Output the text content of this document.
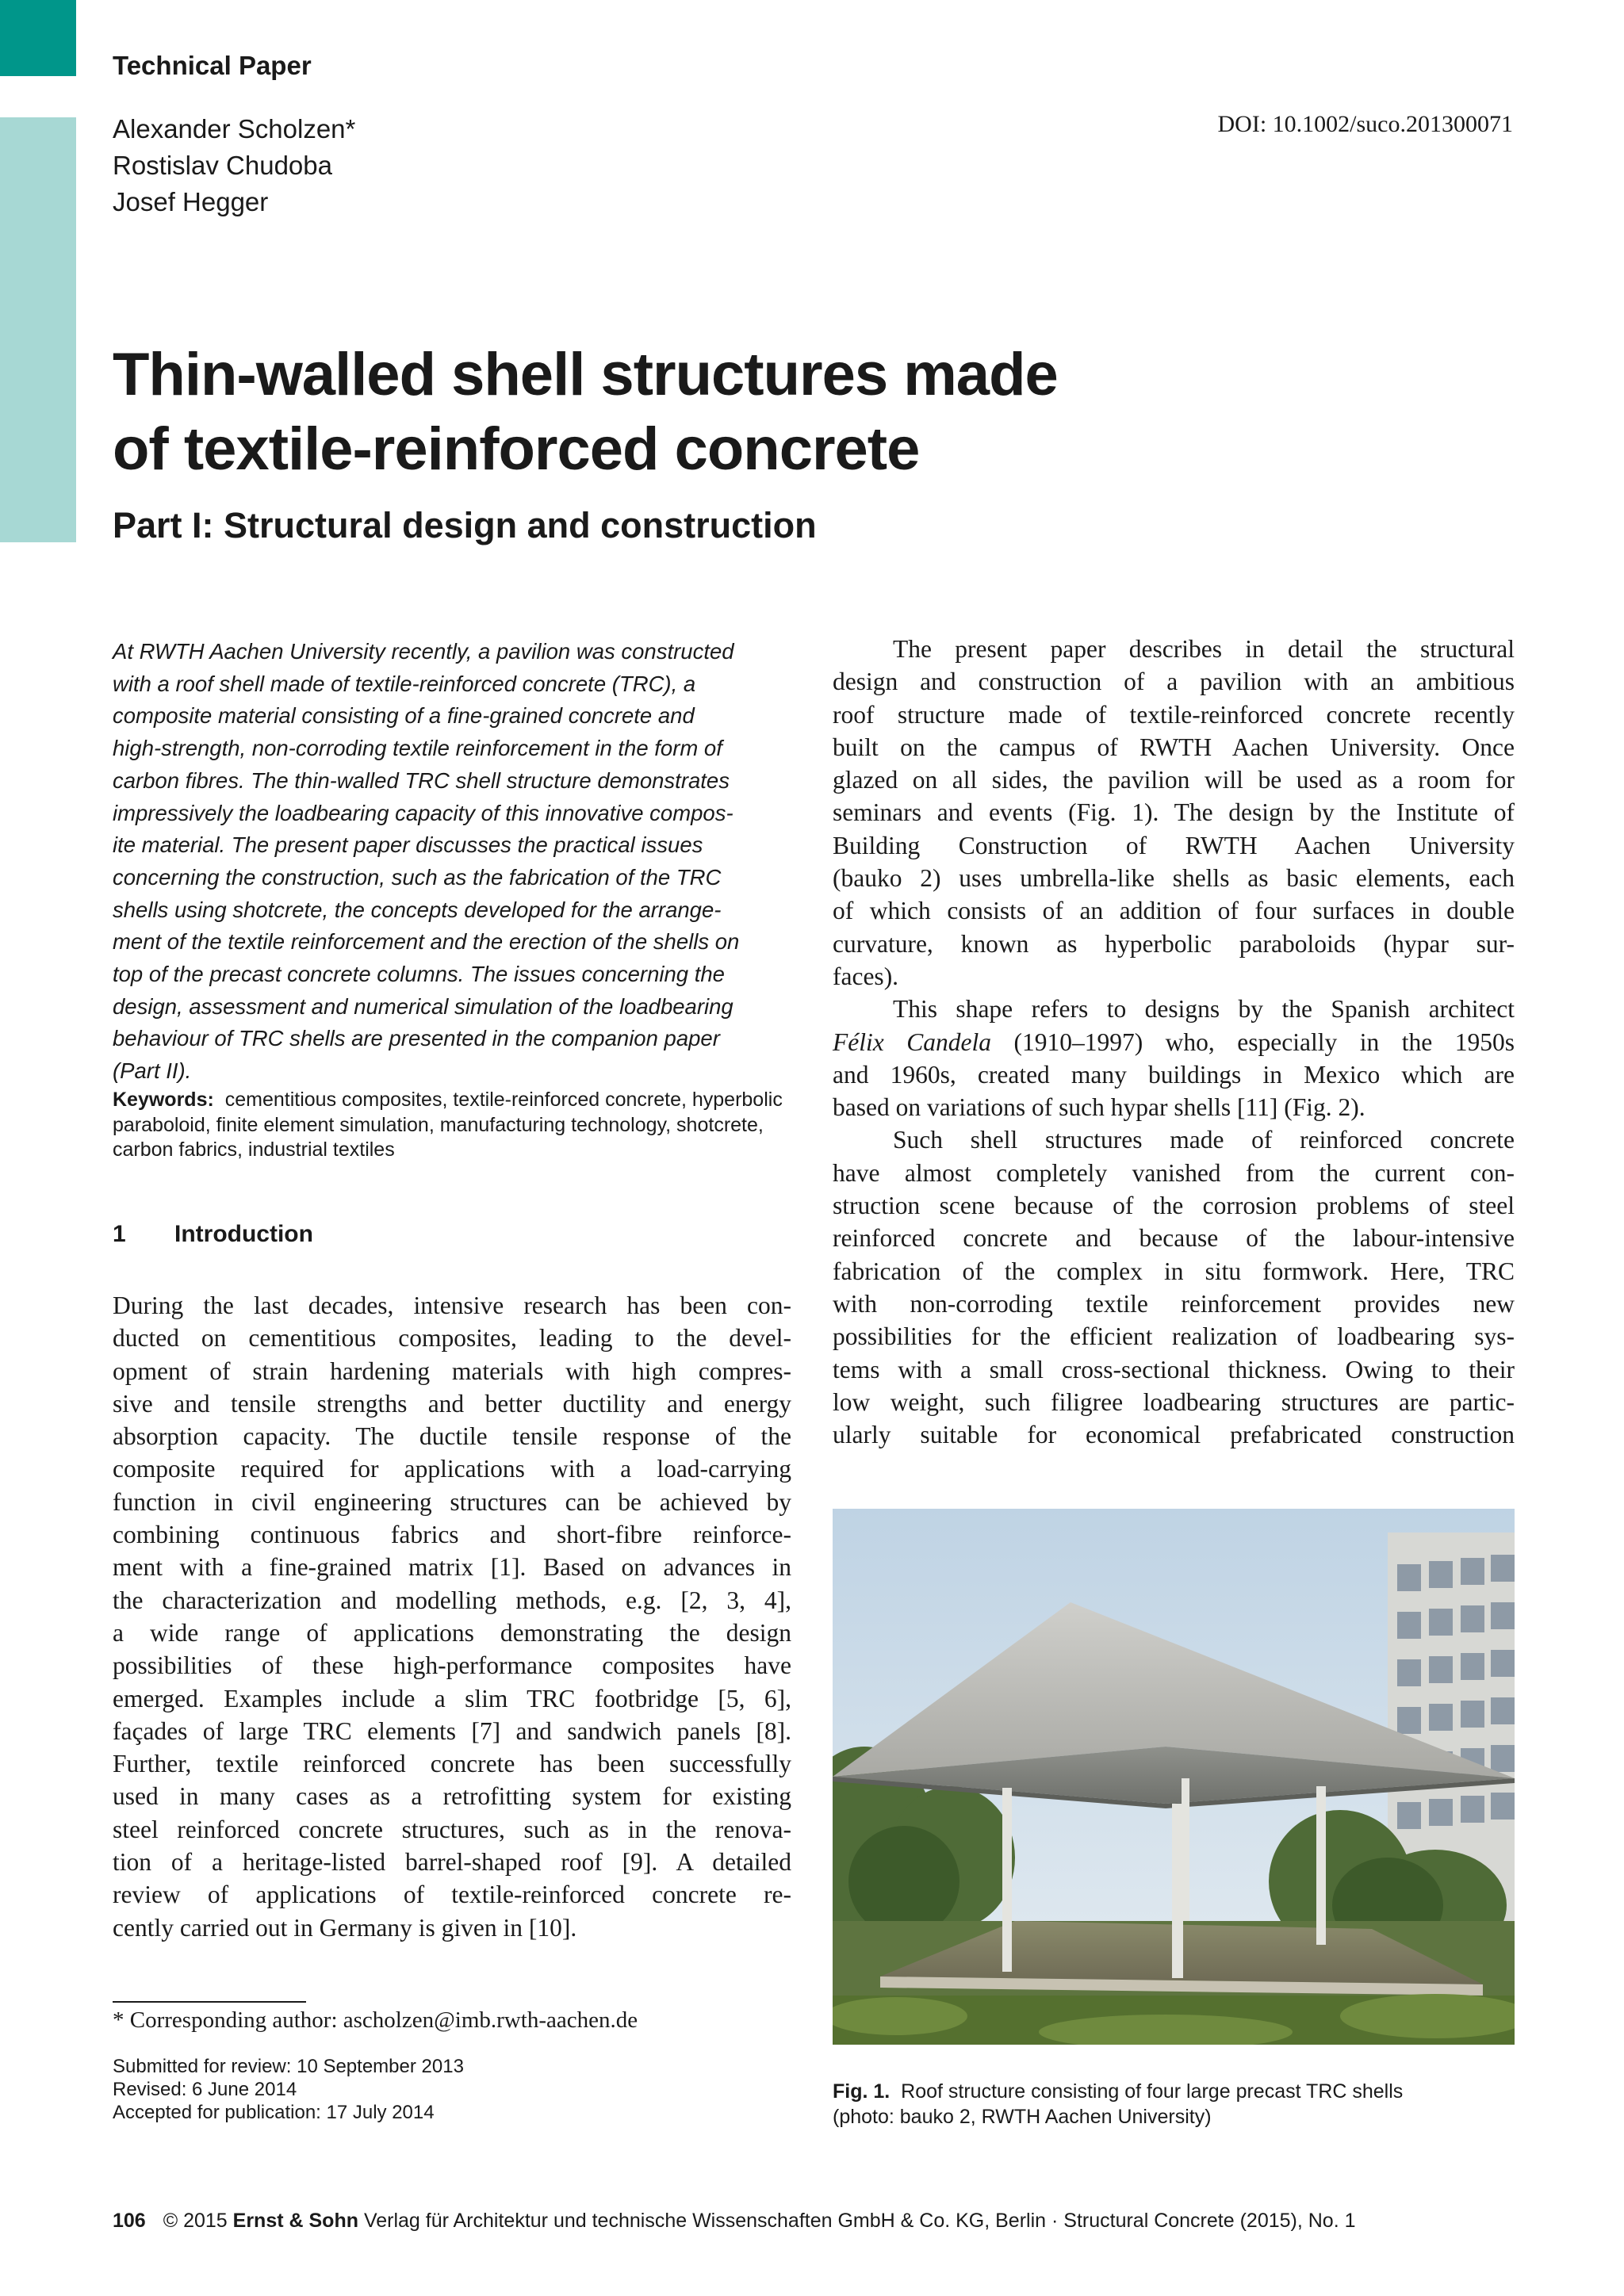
Technical Paper
Alexander Scholzen*
Rostislav Chudoba
Josef Hegger
DOI: 10.1002/suco.201300071
Thin-walled shell structures made
of textile-reinforced concrete
Part I: Structural design and construction
At RWTH Aachen University recently, a pavilion was constructed
with a roof shell made of textile-reinforced concrete (TRC), a
composite material consisting of a fine-grained concrete and
high-strength, non-corroding textile reinforcement in the form of
carbon fibres. The thin-walled TRC shell structure demonstrates
impressively the loadbearing capacity of this innovative compos-
ite material. The present paper discusses the practical issues
concerning the construction, such as the fabrication of the TRC
shells using shotcrete, the concepts developed for the arrange-
ment of the textile reinforcement and the erection of the shells on
top of the precast concrete columns. The issues concerning the
design, assessment and numerical simulation of the loadbearing
behaviour of TRC shells are presented in the companion paper
(Part II).
Keywords: cementitious composites, textile-reinforced concrete, hyperbolic
paraboloid, finite element simulation, manufacturing technology, shotcrete,
carbon fabrics, industrial textiles
1 Introduction
During the last decades, intensive research has been con-
ducted on cementitious composites, leading to the devel-
opment of strain hardening materials with high compres-
sive and tensile strengths and better ductility and energy
absorption capacity. The ductile tensile response of the
composite required for applications with a load-carrying
function in civil engineering structures can be achieved by
combining continuous fabrics and short-fibre reinforce-
ment with a fine-grained matrix [1]. Based on advances in
the characterization and modelling methods, e.g. [2, 3, 4],
a wide range of applications demonstrating the design
possibilities of these high-performance composites have
emerged. Examples include a slim TRC footbridge [5, 6],
façades of large TRC elements [7] and sandwich panels [8].
Further, textile reinforced concrete has been successfully
used in many cases as a retrofitting system for existing
steel reinforced concrete structures, such as in the renova-
tion of a heritage-listed barrel-shaped roof [9]. A detailed
review of applications of textile-reinforced concrete re-
cently carried out in Germany is given in [10].
The present paper describes in detail the structural
design and construction of a pavilion with an ambitious
roof structure made of textile-reinforced concrete recently
built on the campus of RWTH Aachen University. Once
glazed on all sides, the pavilion will be used as a room for
seminars and events (Fig. 1). The design by the Institute of
Building Construction of RWTH Aachen University
(bauko 2) uses umbrella-like shells as basic elements, each
of which consists of an addition of four surfaces in double
curvature, known as hyperbolic paraboloids (hypar sur-
faces).
This shape refers to designs by the Spanish architect
Félix Candela (1910–1997) who, especially in the 1950s
and 1960s, created many buildings in Mexico which are
based on variations of such hypar shells [11] (Fig. 2).
Such shell structures made of reinforced concrete
have almost completely vanished from the current con-
struction scene because of the corrosion problems of steel
reinforced concrete and because of the labour-intensive
fabrication of the complex in situ formwork. Here, TRC
with non-corroding textile reinforcement provides new
possibilities for the efficient realization of loadbearing sys-
tems with a small cross-sectional thickness. Owing to their
low weight, such filigree loadbearing structures are partic-
ularly suitable for economical prefabricated construction
Fig. 1. Roof structure consisting of four large precast TRC shells
(photo: bauko 2, RWTH Aachen University)
* Corresponding author: ascholzen@imb.rwth-aachen.de
Submitted for review: 10 September 2013
Revised: 6 June 2014
Accepted for publication: 17 July 2014
106 © 2015 Ernst & Sohn Verlag für Architektur und technische Wissenschaften GmbH & Co. KG, Berlin · Structural Concrete (2015), No. 1
